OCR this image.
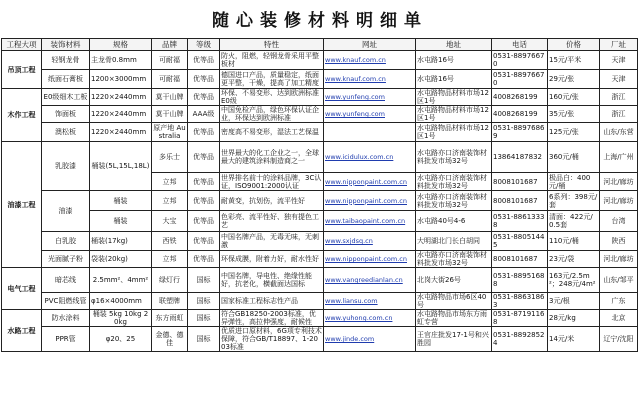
随心装修材料明细单
工程大项	装饰材料	规格	品牌	等级	特性	网址	地址	电话	价格	厂址
吊顶工程	轻钢龙骨	主龙骨0.8mm	可耐福	优等品	防火，阻燃，轻钢龙骨采用平整板材	www.knauf.com.cn	水屯路16号	0531-88976670	15元/平米	天津
	纸面石膏板	1200×3000mm	可耐福	优等品	德国进口产品，质量稳定，纸面更平整，干燥，提高了加工精度	www.knauf.com.cn	水屯路16号	0531-88976670	29元/张	天津
木作工程	E0级细木工板	1220×2440mm	莫干山牌	优等品	环保、不易变形、达到欧洲标准E0级	www.yunfeng.com	水屯路物品材料市场12区1号	4008268199	160元/张	浙江
	饰面板	1220×2440mm	莫干山牌	AAA级	中国免检产品，绿色环保认证企业，环保达到欧洲标准	www.yunfeng.com	水屯路物品材料市场12区1号	4008268199	35元/张	浙江
	澳松板	1220×2440mm	原产地 Australia	优等品	密度高不易变形，湿法工艺保温		水屯路物品材料市场12区1号	0531-88976869	125元/张	山东/东营
油漆工程	乳胶漆	桶装(5L,15L,18L)	多乐士	优等品	世界最大的化工企业之一，全球最大的建筑涂料制造商之一	www.icidulux.com.cn	水屯路亦口济南装饰材料批发市场32号	13864187832	360元/桶	上海/广州
			立邦	优等品	世界排名前十的涂料品牌，3C认证，ISO9001:2000认证	www.nipponpaint.com.cn	水屯路亦口济南装饰材料批发市场32号	8008101687	极品白：400元/桶	河北/廊坊
	油漆	桶装	立邦	优等品	耐黄变，抗划伤，流平性好	www.nipponpaint.com.cn	水屯路亦口济南装饰材料批发市场32号	8008101687	6系列：398元/套	河北/廊坊
		桶装	大宝	优等品	色彩亮、流平性好、独有提色工艺	www.taibaopaint.com.cn	水屯路40号4-6	0531-88613338	清面：422元/0.5套	台湾
	白乳胶	桶装(17kg)	西铁	优等品	中国名牌产品，无毒无味，无刺激	www.sxjdsq.cn	大明湖北门长白胡同	0531-88051445	110元/桶	陕西
	光面腻子粉	袋装(20kg)	立邦	优等品	环保成膜，附着力好，耐水性好	www.nipponpaint.com.cn	水屯路亦口济南装饰材料批发市场32号	8008101687	23元/袋	河北/廊坊
电气工程	暗芯线	2.5mm²、4mm²	绿灯行	国标	中国名牌，导电性、绝缘性能好，抗老化，横截面达国标	www.vangreedianlan.cn	北岗大街26号	0531-88951688	163元/2.5m²；248元/4m²	山东/邹平
	PVC阻燃线管	φ16×4000mm	联塑牌	国标	国家标准工程标志性产品	www.liansu.com	水屯路物品市场6区40号	0531-88631863	3元/根	广东
水路工程	防水涂料	桶装 5kg 10kg 20kg	东方雨虹	国标	符合GB18250-2003标准，优异弹性，高拉伸强度，耐候性	www.yuhong.com.cn	水屯路物品市场东方雨虹专营	0531-87191168	28元/kg	北京
	PPR管	φ20、25	金德、德佳	国标	优质进口原材料，6G项专利技术保障，符合GB/T18897、1-2003标准	www.jinde.com	王官庄批发17-1号和兴胜园	0531-88928524	14元/米	辽宁/沈阳
